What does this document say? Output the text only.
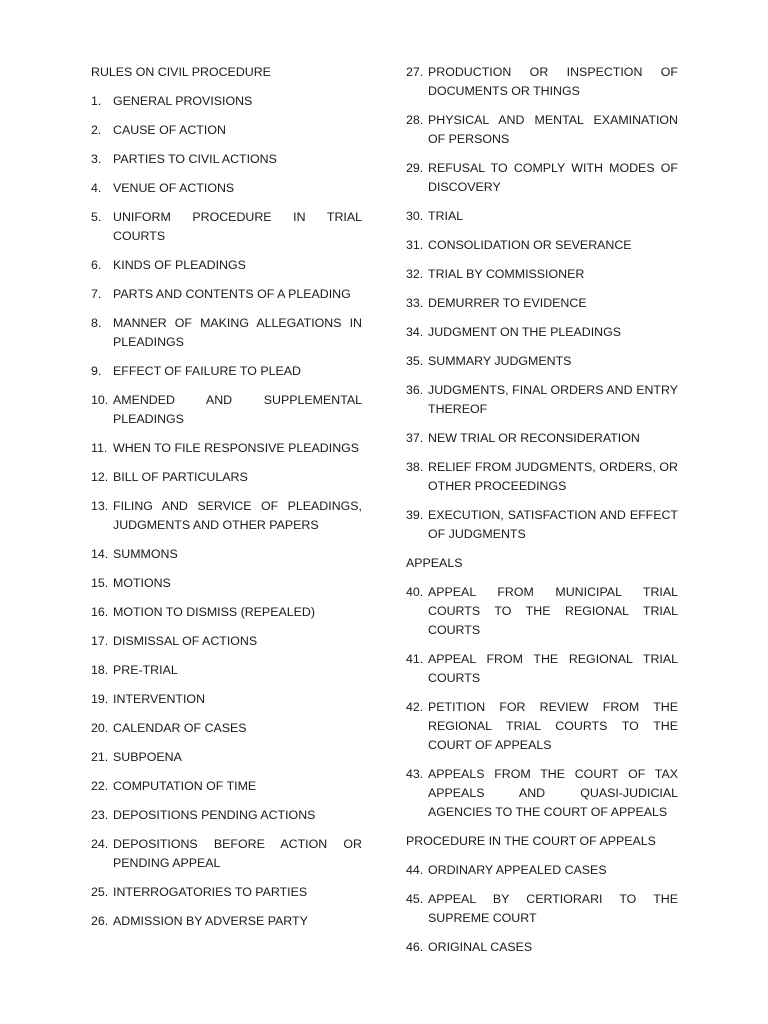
RULES ON CIVIL PROCEDURE
1. GENERAL PROVISIONS
2. CAUSE OF ACTION
3. PARTIES TO CIVIL ACTIONS
4. VENUE OF ACTIONS
5. UNIFORM PROCEDURE IN TRIAL COURTS
6. KINDS OF PLEADINGS
7. PARTS AND CONTENTS OF A PLEADING
8. MANNER OF MAKING ALLEGATIONS IN PLEADINGS
9. EFFECT OF FAILURE TO PLEAD
10. AMENDED AND SUPPLEMENTAL PLEADINGS
11. WHEN TO FILE RESPONSIVE PLEADINGS
12. BILL OF PARTICULARS
13. FILING AND SERVICE OF PLEADINGS, JUDGMENTS AND OTHER PAPERS
14. SUMMONS
15. MOTIONS
16. MOTION TO DISMISS (REPEALED)
17. DISMISSAL OF ACTIONS
18. PRE-TRIAL
19. INTERVENTION
20. CALENDAR OF CASES
21. SUBPOENA
22. COMPUTATION OF TIME
23. DEPOSITIONS PENDING ACTIONS
24. DEPOSITIONS BEFORE ACTION OR PENDING APPEAL
25. INTERROGATORIES TO PARTIES
26. ADMISSION BY ADVERSE PARTY
27. PRODUCTION OR INSPECTION OF DOCUMENTS OR THINGS
28. PHYSICAL AND MENTAL EXAMINATION OF PERSONS
29. REFUSAL TO COMPLY WITH MODES OF DISCOVERY
30. TRIAL
31. CONSOLIDATION OR SEVERANCE
32. TRIAL BY COMMISSIONER
33. DEMURRER TO EVIDENCE
34. JUDGMENT ON THE PLEADINGS
35. SUMMARY JUDGMENTS
36. JUDGMENTS, FINAL ORDERS AND ENTRY THEREOF
37. NEW TRIAL OR RECONSIDERATION
38. RELIEF FROM JUDGMENTS, ORDERS, OR OTHER PROCEEDINGS
39. EXECUTION, SATISFACTION AND EFFECT OF JUDGMENTS
APPEALS
40. APPEAL FROM MUNICIPAL TRIAL COURTS TO THE REGIONAL TRIAL COURTS
41. APPEAL FROM THE REGIONAL TRIAL COURTS
42. PETITION FOR REVIEW FROM THE REGIONAL TRIAL COURTS TO THE COURT OF APPEALS
43. APPEALS FROM THE COURT OF TAX APPEALS AND QUASI-JUDICIAL AGENCIES TO THE COURT OF APPEALS
PROCEDURE IN THE COURT OF APPEALS
44. ORDINARY APPEALED CASES
45. APPEAL BY CERTIORARI TO THE SUPREME COURT
46. ORIGINAL CASES
